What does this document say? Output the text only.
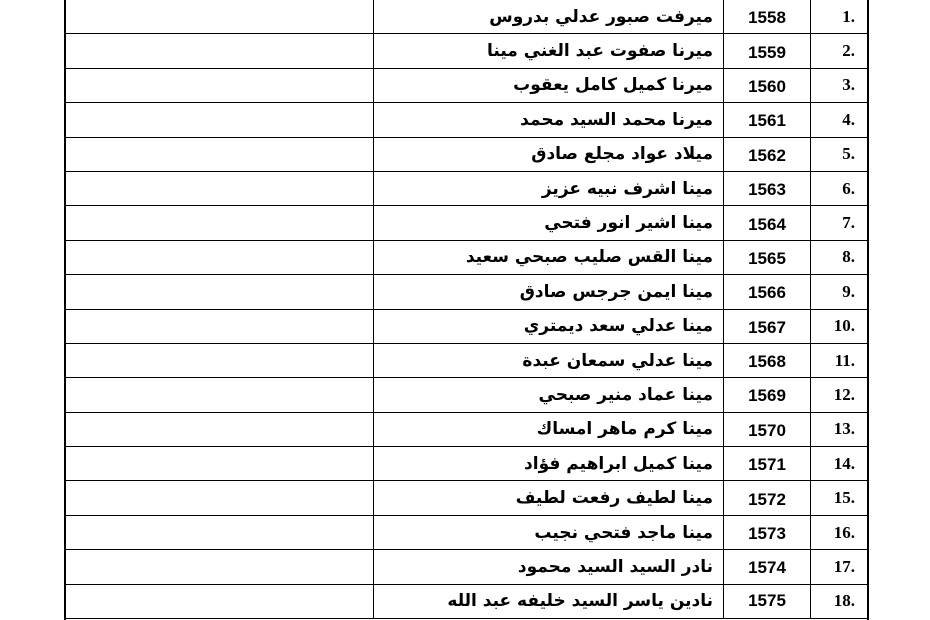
	ميرفت صبور عدلي بدروس	1558	1.
	ميرنا صفوت عبد الغني مينا	1559	2.
	ميرنا كميل كامل يعقوب	1560	3.
	ميرنا محمد السيد محمد	1561	4.
	ميلاد عواد مجلع صادق	1562	5.
	مينا اشرف نبيه عزيز	1563	6.
	مينا اشير انور فتحي	1564	7.
	مينا القس صليب صبحي سعيد	1565	8.
	مينا ايمن جرجس صادق	1566	9.
	مينا عدلي سعد ديمتري	1567	10.
	مينا عدلي سمعان عبدة	1568	11.
	مينا عماد منير صبحي	1569	12.
	مينا كرم ماهر امساك	1570	13.
	مينا كميل ابراهيم فؤاد	1571	14.
	مينا لطيف رفعت لطيف	1572	15.
	مينا ماجد فتحي نجيب	1573	16.
	نادر السيد السيد محمود	1574	17.
	نادين ياسر السيد خليفه عبد الله	1575	18.
